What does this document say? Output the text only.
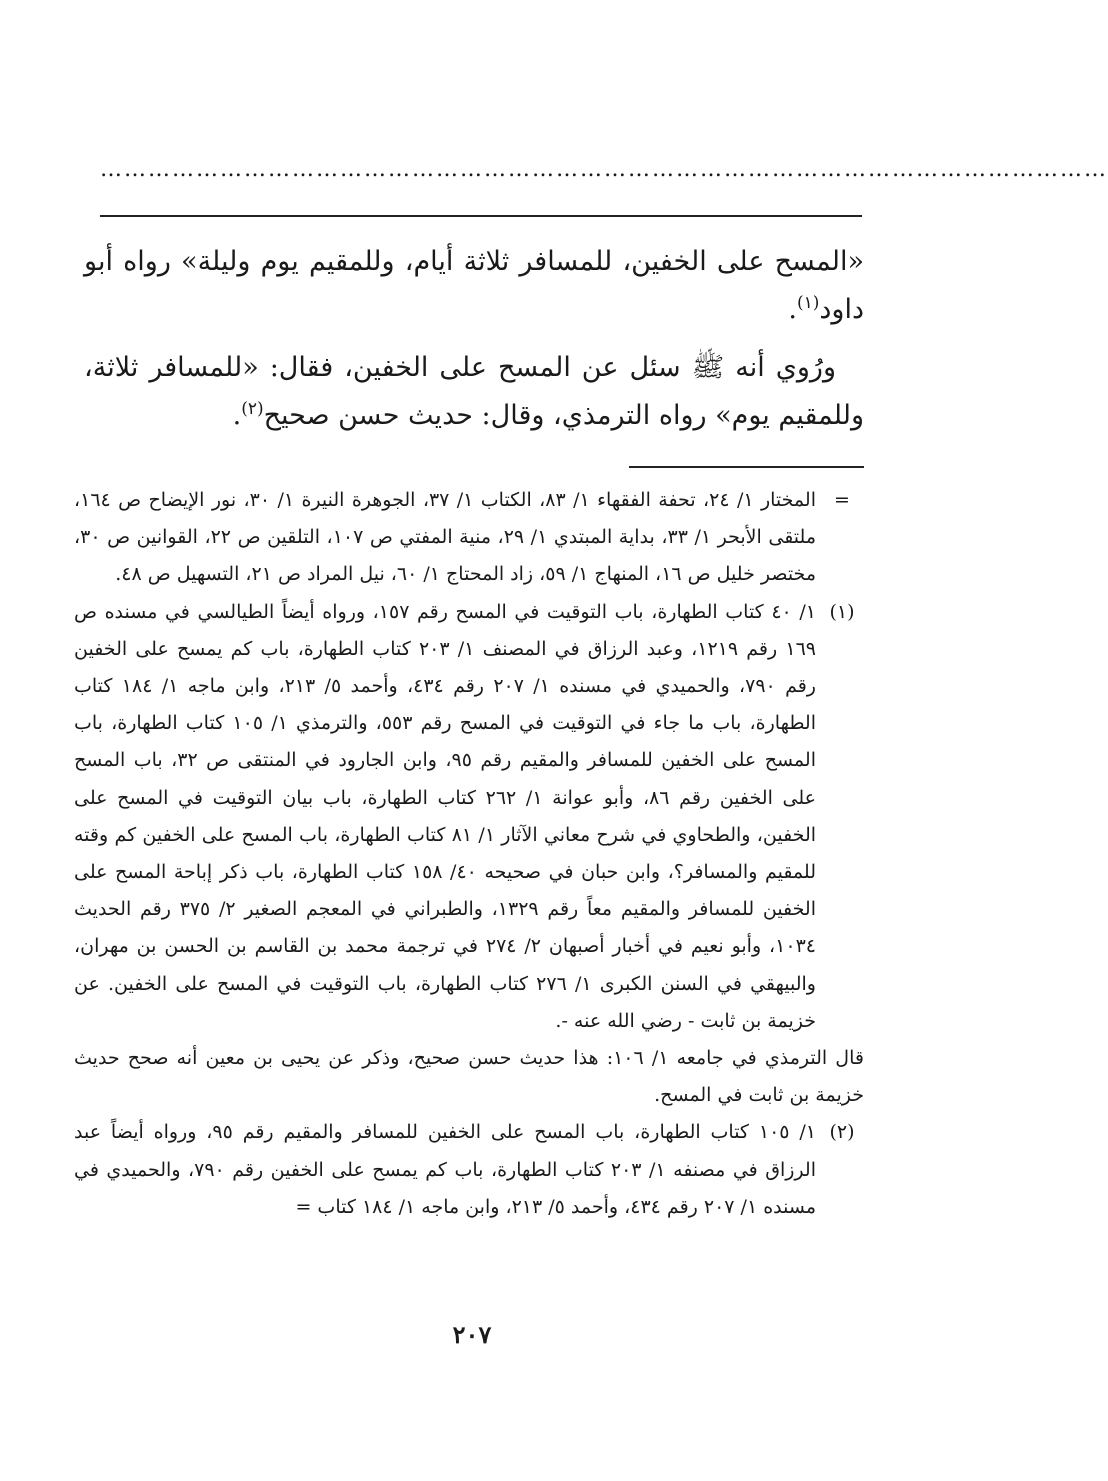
………………………………………………………………………………………………………………

«المسح على الخفين، للمسافر ثلاثة أيام، وللمقيم يوم وليلة» رواه أبو داود$^{(١)}$.

ورُوي أنه ﷺ سئل عن المسح على الخفين، فقال: «للمسافر ثلاثة، وللمقيم يوم» رواه الترمذي، وقال: حديث حسن صحيح$^{(٢)}$.

=
المختار ١/ ٢٤، تحفة الفقهاء ١/ ٨٣، الكتاب ١/ ٣٧، الجوهرة النيرة ١/ ٣٠، نور الإيضاح ص ١٦٤، ملتقى الأبحر ١/ ٣٣، بداية المبتدي ١/ ٢٩، منية المفتي ص ١٠٧، التلقين ص ٢٢، القوانين ص ٣٠، مختصر خليل ص ١٦، المنهاج ١/ ٥٩، زاد المحتاج ١/ ٦٠، نيل المراد ص ٢١، التسهيل ص ٤٨.
(١)
١/ ٤٠ كتاب الطهارة، باب التوقيت في المسح رقم ١٥٧، ورواه أيضاً الطيالسي في مسنده ص ١٦٩ رقم ١٢١٩، وعبد الرزاق في المصنف ١/ ٢٠٣ كتاب الطهارة، باب كم يمسح على الخفين رقم ٧٩٠، والحميدي في مسنده ١/ ٢٠٧ رقم ٤٣٤، وأحمد ٥/ ٢١٣، وابن ماجه ١/ ١٨٤ كتاب الطهارة، باب ما جاء في التوقيت في المسح رقم ٥٥٣، والترمذي ١/ ١٠٥ كتاب الطهارة، باب المسح على الخفين للمسافر والمقيم رقم ٩٥، وابن الجارود في المنتقى ص ٣٢، باب المسح على الخفين رقم ٨٦، وأبو عوانة ١/ ٢٦٢ كتاب الطهارة، باب بيان التوقيت في المسح على الخفين، والطحاوي في شرح معاني الآثار ١/ ٨١ كتاب الطهارة، باب المسح على الخفين كم وقته للمقيم والمسافر؟، وابن حبان في صحيحه ٤٠/ ١٥٨ كتاب الطهارة، باب ذكر إباحة المسح على الخفين للمسافر والمقيم معاً رقم ١٣٢٩، والطبراني في المعجم الصغير ٢/ ٣٧٥ رقم الحديث ١٠٣٤، وأبو نعيم في أخبار أصبهان ٢/ ٢٧٤ في ترجمة محمد بن القاسم بن الحسن بن مهران، والبيهقي في السنن الكبرى ١/ ٢٧٦ كتاب الطهارة، باب التوقيت في المسح على الخفين. عن خزيمة بن ثابت - رضي الله عنه -.
قال الترمذي في جامعه ١/ ١٠٦: هذا حديث حسن صحيح، وذكر عن يحيى بن معين أنه صحح حديث خزيمة بن ثابت في المسح.
(٢)
١/ ١٠٥ كتاب الطهارة، باب المسح على الخفين للمسافر والمقيم رقم ٩٥، ورواه أيضاً عبد الرزاق في مصنفه ١/ ٢٠٣ كتاب الطهارة، باب كم يمسح على الخفين رقم ٧٩٠، والحميدي في مسنده ١/ ٢٠٧ رقم ٤٣٤، وأحمد ٥/ ٢١٣، وابن ماجه ١/ ١٨٤ كتاب =
٢٠٧
